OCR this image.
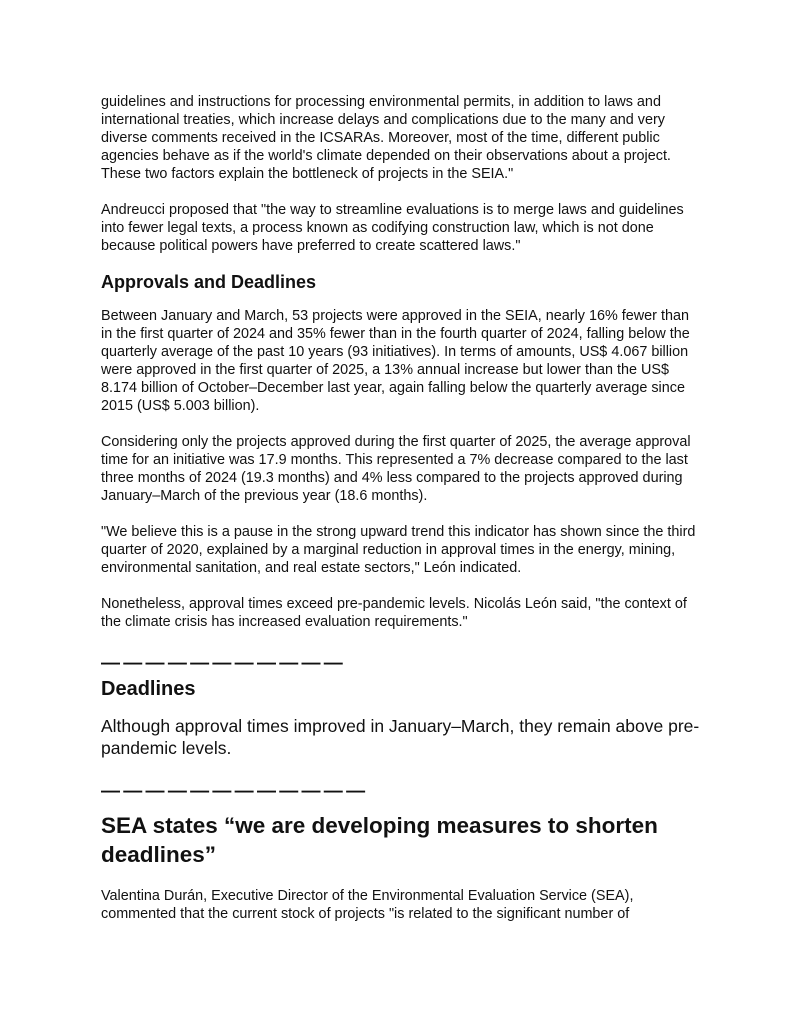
guidelines and instructions for processing environmental permits, in addition to laws and international treaties, which increase delays and complications due to the many and very diverse comments received in the ICSARAs. Moreover, most of the time, different public agencies behave as if the world's climate depended on their observations about a project. These two factors explain the bottleneck of projects in the SEIA."

Andreucci proposed that "the way to streamline evaluations is to merge laws and guidelines into fewer legal texts, a process known as codifying construction law, which is not done because political powers have preferred to create scattered laws."

Approvals and Deadlines

Between January and March, 53 projects were approved in the SEIA, nearly 16% fewer than in the first quarter of 2024 and 35% fewer than in the fourth quarter of 2024, falling below the quarterly average of the past 10 years (93 initiatives). In terms of amounts, US$ 4.067 billion were approved in the first quarter of 2025, a 13% annual increase but lower than the US$ 8.174 billion of October–December last year, again falling below the quarterly average since 2015 (US$ 5.003 billion).

Considering only the projects approved during the first quarter of 2025, the average approval time for an initiative was 17.9 months. This represented a 7% decrease compared to the last three months of 2024 (19.3 months) and 4% less compared to the projects approved during January–March of the previous year (18.6 months).

"We believe this is a pause in the strong upward trend this indicator has shown since the third quarter of 2020, explained by a marginal reduction in approval times in the energy, mining, environmental sanitation, and real estate sectors," León indicated.

Nonetheless, approval times exceed pre-pandemic levels. Nicolás León said, "the context of the climate crisis has increased evaluation requirements."

— — — — — — — — — — —
Deadlines

Although approval times improved in January–March, they remain above pre-pandemic levels.

— — — — — — — — — — — —
SEA states “we are developing measures to shorten deadlines”

Valentina Durán, Executive Director of the Environmental Evaluation Service (SEA), commented that the current stock of projects "is related to the significant number of
